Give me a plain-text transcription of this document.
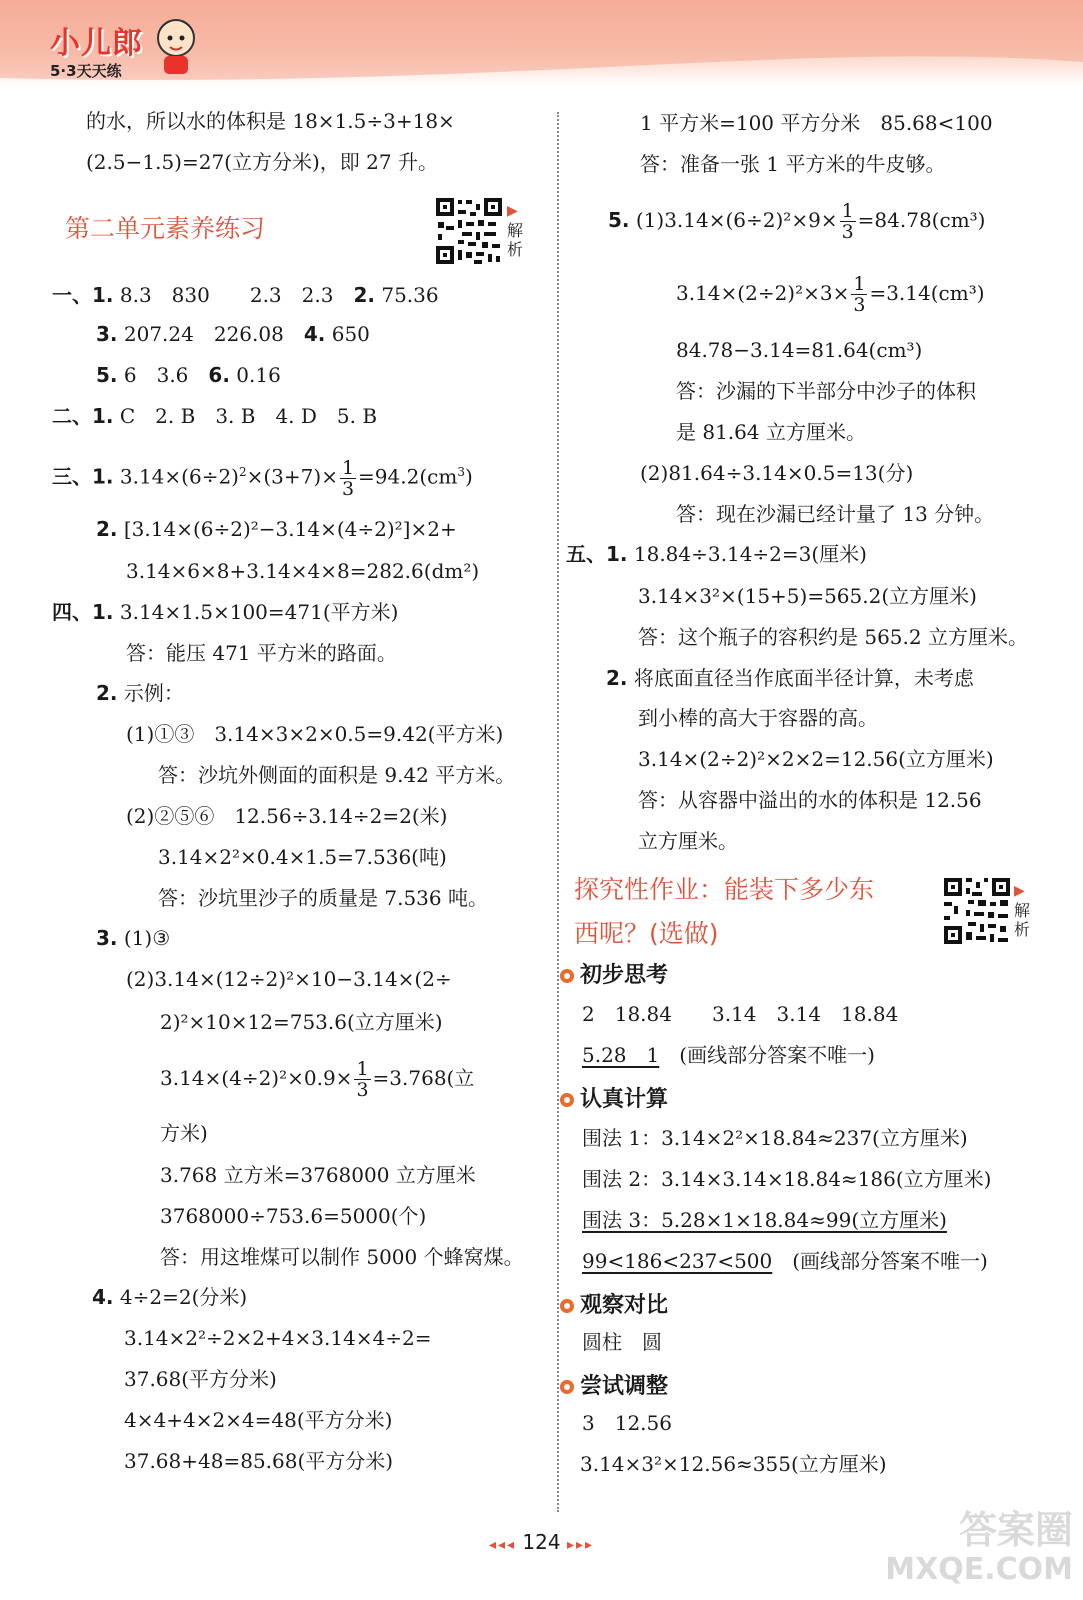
小儿郎
5·3天天练
的水，所以水的体积是 18×1.5÷3+18×
(2.5−1.5)=27(立方分米)，即 27 升。
第二单元素养练习
▶解析
一、1. 8.3　830　　2.3　2.3　 2. 75.36
3. 207.24　226.08　 4. 650
5. 6　3.6　 6. 0.16
二、1. C　2. B　3. B　4. D　5. B
三、1. $3.14\times(6\div 2)^2\times(3+7)\times \frac{1}{3} =94.2(cm^3)$
2. [3.14×(6÷2)²−3.14×(4÷2)²]×2+
3.14×6×8+3.14×4×8=282.6(dm²)
四、1. 3.14×1.5×100=471(平方米)
答：能压 471 平方米的路面。
2. 示例：
(1)①③　3.14×3×2×0.5=9.42(平方米)
答：沙坑外侧面的面积是 9.42 平方米。
(2)②⑤⑥　12.56÷3.14÷2=2(米)
3.14×2²×0.4×1.5=7.536(吨)
答：沙坑里沙子的质量是 7.536 吨。
3. (1)③
(2)3.14×(12÷2)²×10−3.14×(2÷
2)²×10×12=753.6(立方厘米)
$3.14\times(4\div 2)^2\times 0.9\times \frac{1}{3} =3.768$(立
方米)
3.768 立方米=3768000 立方厘米
3768000÷753.6=5000(个)
答：用这堆煤可以制作 5000 个蜂窝煤。
4. 4÷2=2(分米)
3.14×2²÷2×2+4×3.14×4÷2=
37.68(平方分米)
4×4+4×2×4=48(平方分米)
37.68+48=85.68(平方分米)
1 平方米=100 平方分米　85.68<100
答：准备一张 1 平方米的牛皮够。
5. $(1)3.14\times(6\div 2)^2\times 9\times \frac{1}{3} =84.78(cm^3)$
$3.14\times(2\div 2)^2\times 3\times \frac{1}{3} =3.14(cm^3)$
84.78−3.14=81.64(cm³)
答：沙漏的下半部分中沙子的体积
是 81.64 立方厘米。
(2)81.64÷3.14×0.5=13(分)
答：现在沙漏已经计量了 13 分钟。
五、1. 18.84÷3.14÷2=3(厘米)
3.14×3²×(15+5)=565.2(立方厘米)
答：这个瓶子的容积约是 565.2 立方厘米。
2. 将底面直径当作底面半径计算，未考虑
到小棒的高大于容器的高。
3.14×(2÷2)²×2×2=12.56(立方厘米)
答：从容器中溢出的水的体积是 12.56
立方厘米。
探究性作业：能装下多少东
西呢？(选做)
▶解析
初步思考
2　18.84　　3.14　3.14　18.84
5.28　1　(画线部分答案不唯一)
认真计算
围法 1：3.14×2²×18.84≈237(立方厘米)
围法 2：3.14×3.14×18.84≈186(立方厘米)
围法 3：5.28×1×18.84≈99(立方厘米)
99<186<237<500　(画线部分答案不唯一)
观察对比
圆柱　圆
尝试调整
3　12.56
3.14×3²×12.56≈355(立方厘米)
◂◂◂ 124 ▸▸▸	答案圈
MXQE.COM
